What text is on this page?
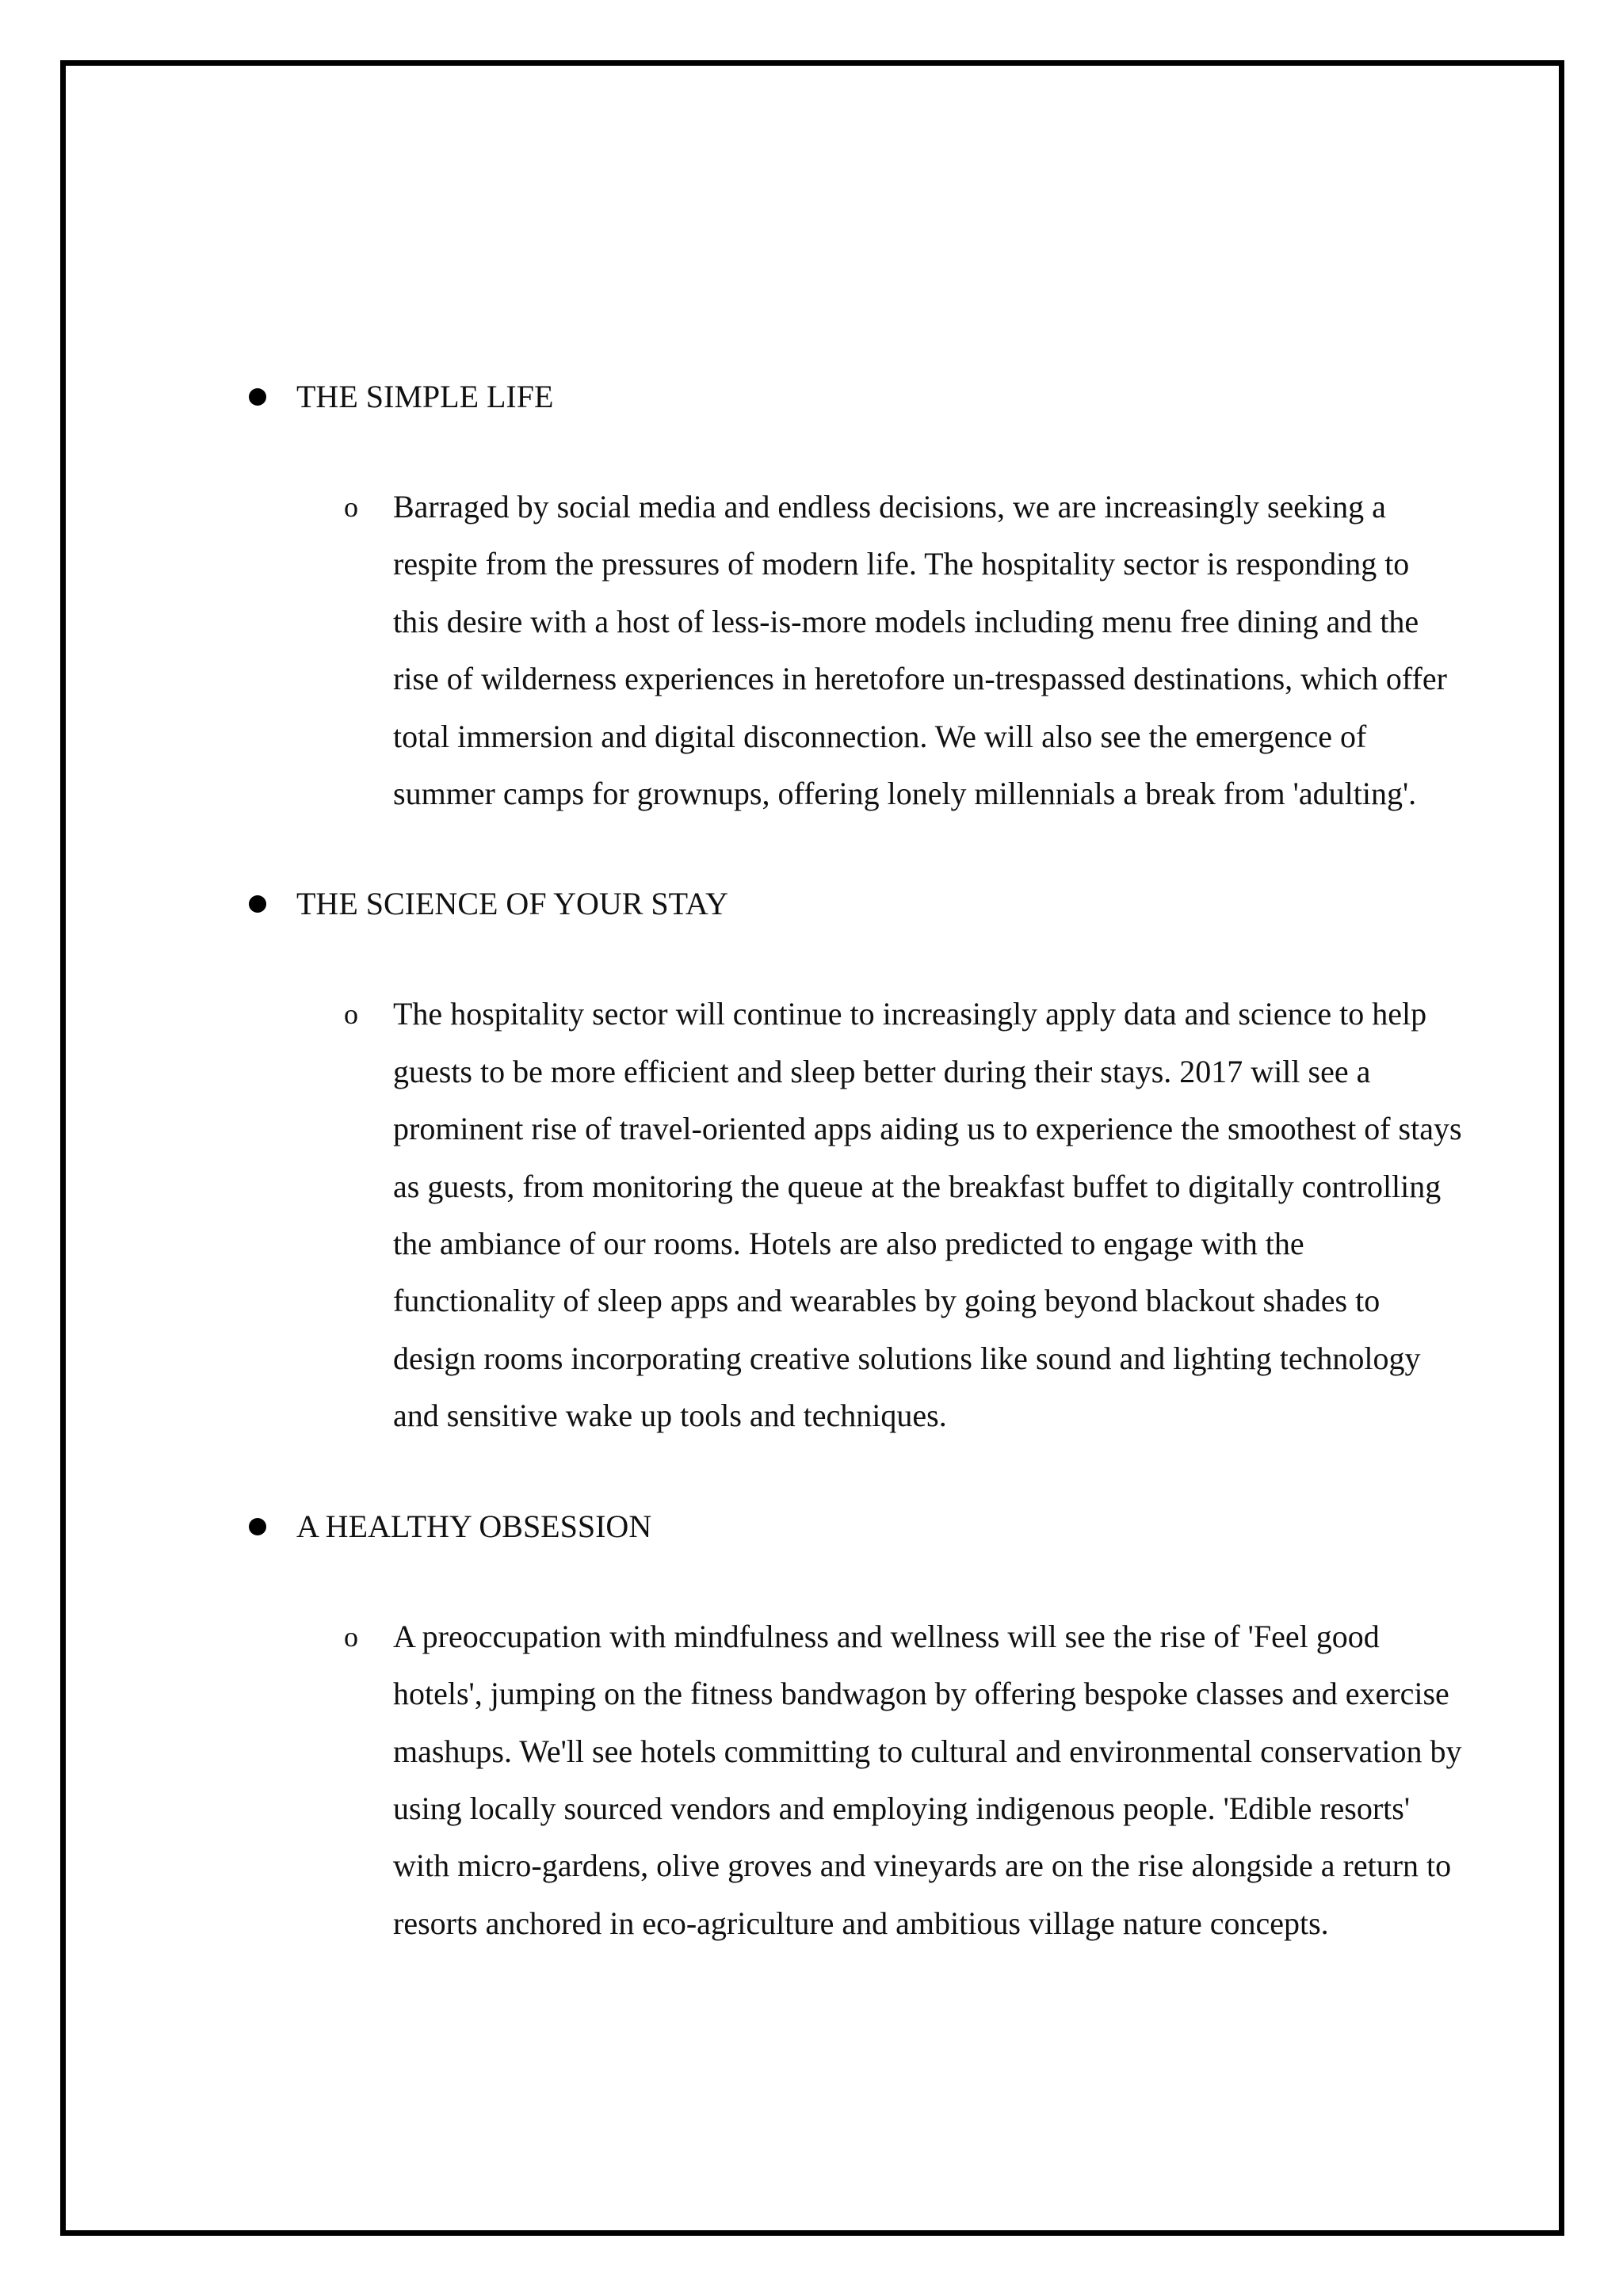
THE SIMPLE LIFE
o Barraged by social media and endless decisions, we are increasingly seeking a respite from the pressures of modern life. The hospitality sector is responding to this desire with a host of less-is-more models including menu free dining and the rise of wilderness experiences in heretofore un-trespassed destinations, which offer total immersion and digital disconnection. We will also see the emergence of summer camps for grownups, offering lonely millennials a break from 'adulting'.
THE SCIENCE OF YOUR STAY
o The hospitality sector will continue to increasingly apply data and science to help guests to be more efficient and sleep better during their stays. 2017 will see a prominent rise of travel-oriented apps aiding us to experience the smoothest of stays as guests, from monitoring the queue at the breakfast buffet to digitally controlling the ambiance of our rooms. Hotels are also predicted to engage with the functionality of sleep apps and wearables by going beyond blackout shades to design rooms incorporating creative solutions like sound and lighting technology and sensitive wake up tools and techniques.
A HEALTHY OBSESSION
o A preoccupation with mindfulness and wellness will see the rise of 'Feel good hotels', jumping on the fitness bandwagon by offering bespoke classes and exercise mashups. We'll see hotels committing to cultural and environmental conservation by using locally sourced vendors and employing indigenous people. 'Edible resorts' with micro-gardens, olive groves and vineyards are on the rise alongside a return to resorts anchored in eco-agriculture and ambitious village nature concepts.
